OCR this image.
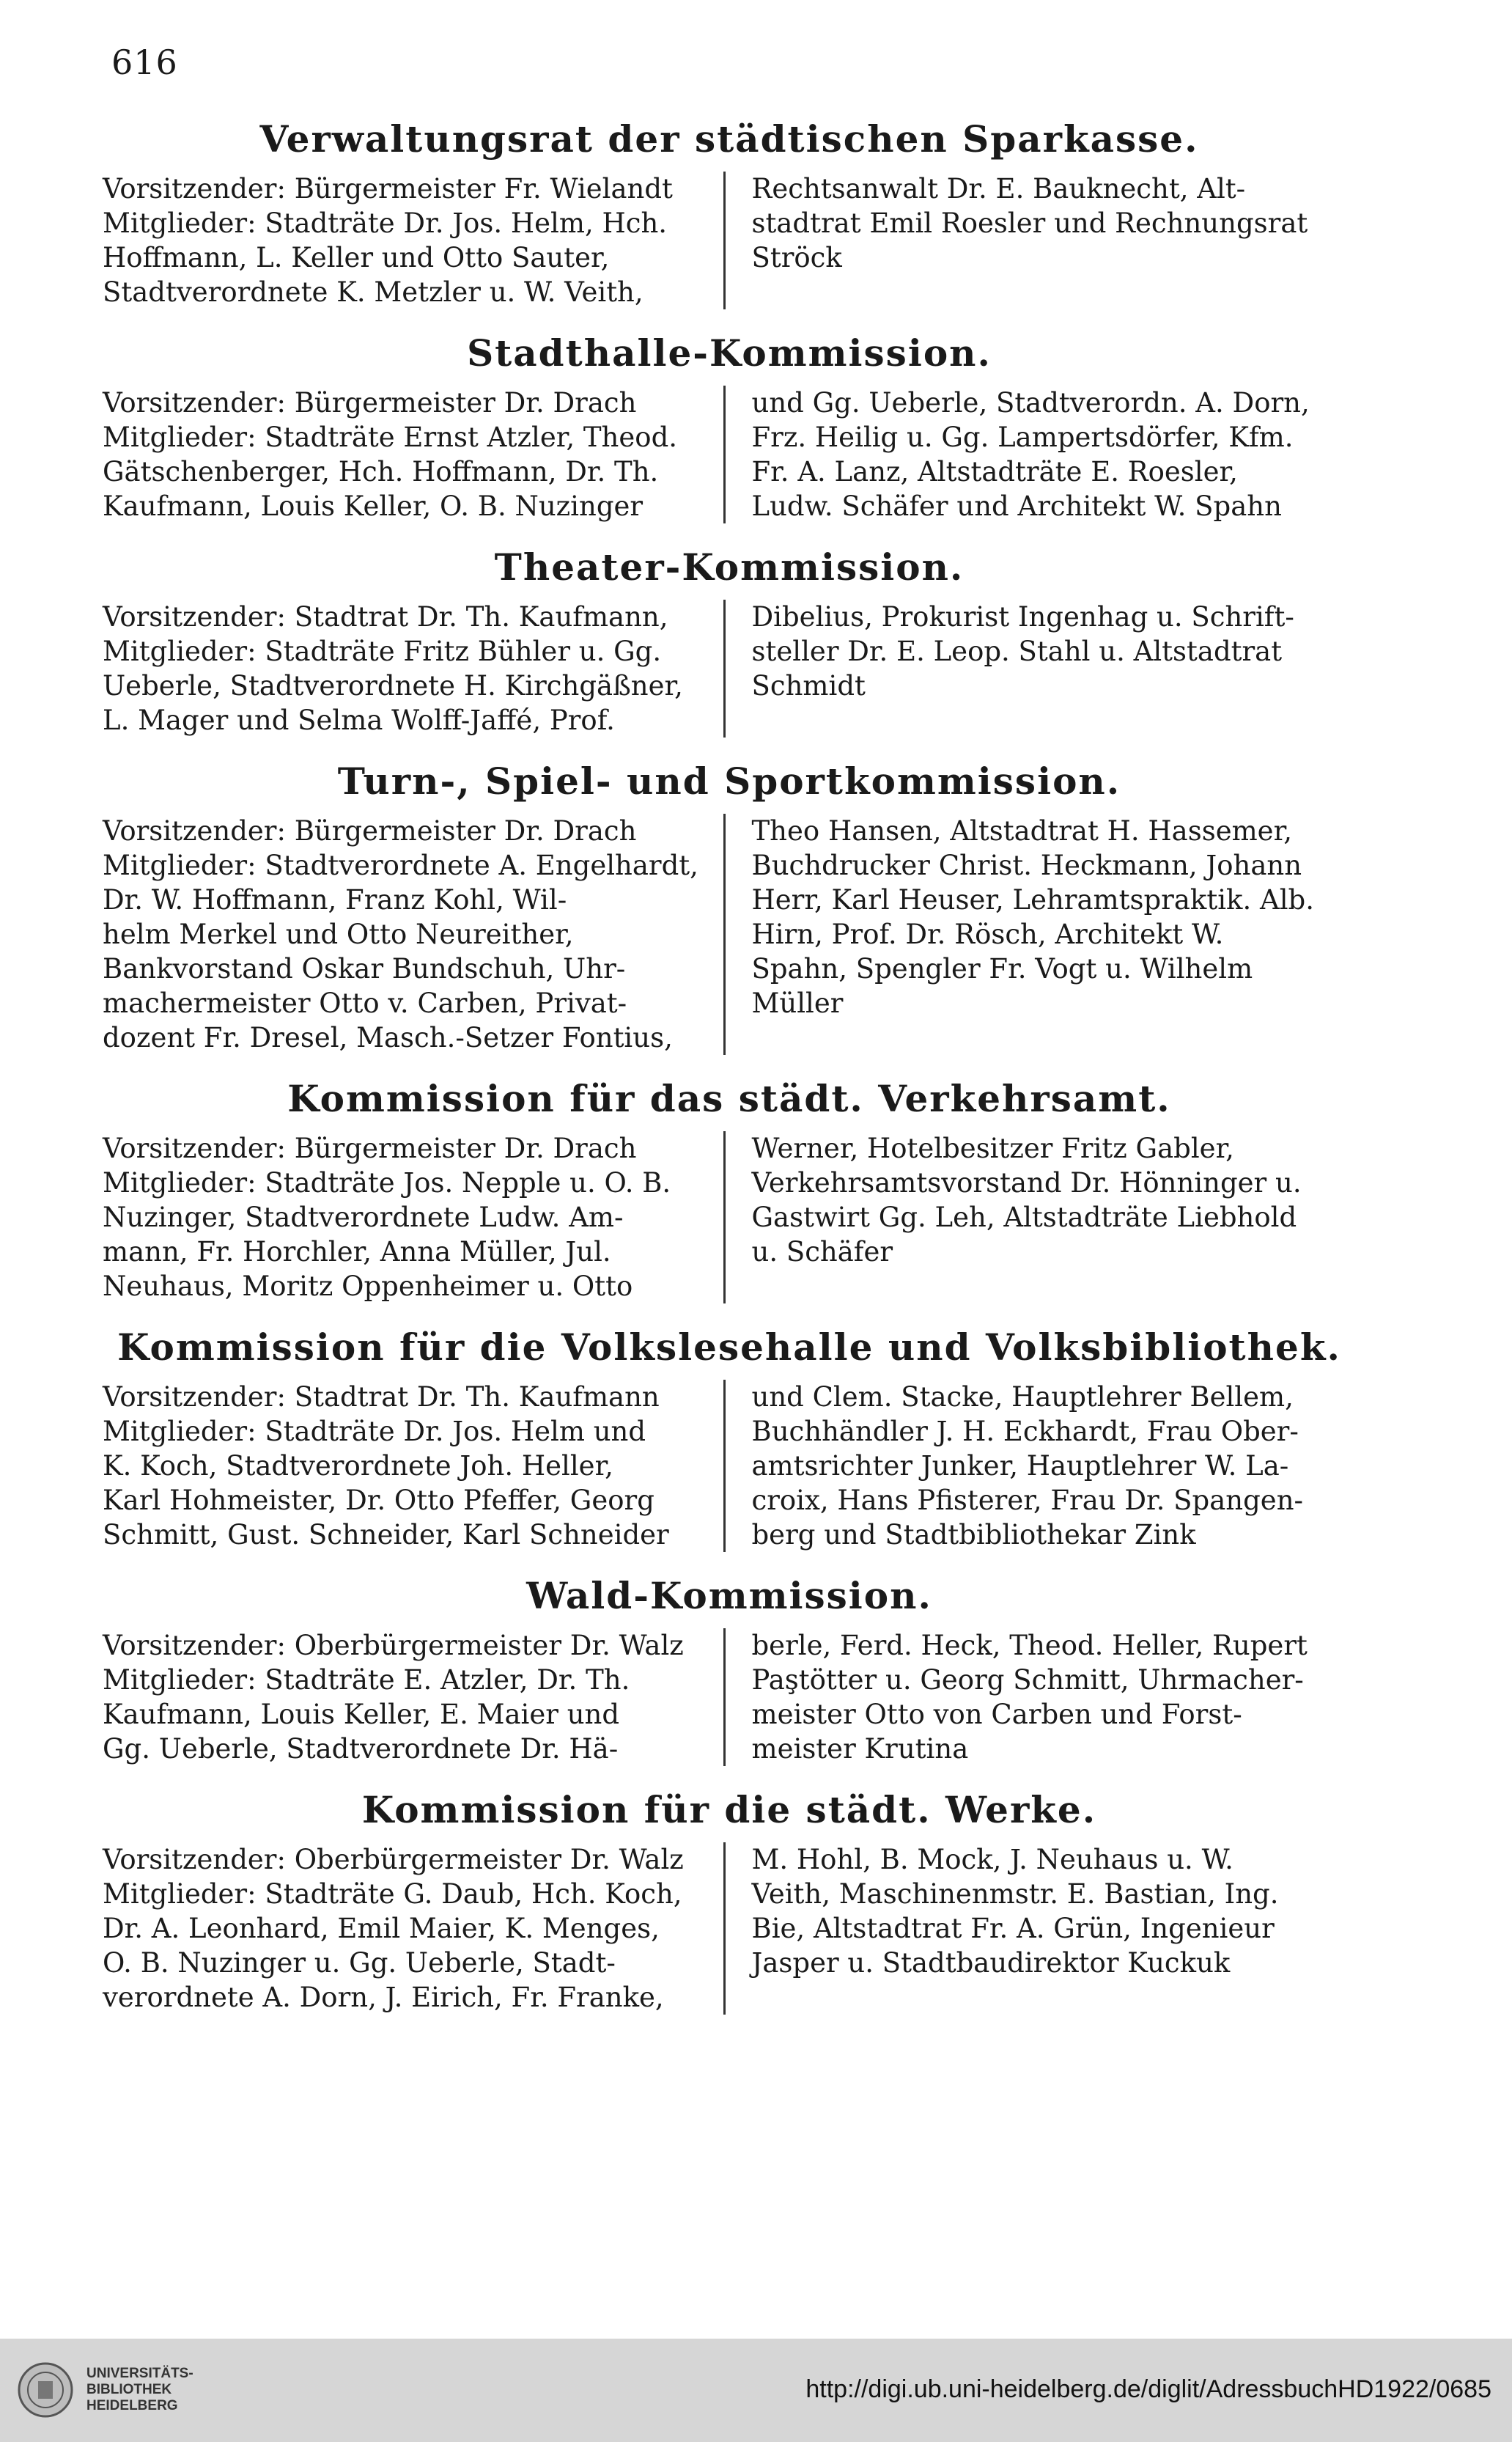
616
Verwaltungsrat der städtischen Sparkasse.
Vorsitzender: Bürgermeister Fr. Wielandt
Mitglieder: Stadträte Dr. Jos. Helm, Hch.
Hoffmann, L. Keller und Otto Sauter,
Stadtverordnete K. Metzler u. W. Veith,
Rechtsanwalt Dr. E. Bauknecht, Alt-
stadtrat Emil Roesler und Rechnungsrat
Ströck
Stadthalle-Kommission.
Vorsitzender: Bürgermeister Dr. Drach
Mitglieder: Stadträte Ernst Atzler, Theod.
Gätschenberger, Hch. Hoffmann, Dr. Th.
Kaufmann, Louis Keller, O. B. Nuzinger
und Gg. Ueberle, Stadtverordn. A. Dorn,
Frz. Heilig u. Gg. Lampertsdörfer, Kfm.
Fr. A. Lanz, Altstadträte E. Roesler,
Ludw. Schäfer und Architekt W. Spahn
Theater-Kommission.
Vorsitzender: Stadtrat Dr. Th. Kaufmann,
Mitglieder: Stadträte Fritz Bühler u. Gg.
Ueberle, Stadtverordnete H. Kirchgäßner,
L. Mager und Selma Wolff-Jaffé, Prof.
Dibelius, Prokurist Ingenhag u. Schrift-
steller Dr. E. Leop. Stahl u. Altstadtrat
Schmidt
Turn-, Spiel- und Sportkommission.
Vorsitzender: Bürgermeister Dr. Drach
Mitglieder: Stadtverordnete A. Engelhardt,
Dr. W. Hoffmann, Franz Kohl, Wil-
helm Merkel und Otto Neureither,
Bankvorstand Oskar Bundschuh, Uhr-
machermeister Otto v. Carben, Privat-
dozent Fr. Dresel, Masch.-Setzer Fontius,
Theo Hansen, Altstadtrat H. Hassemer,
Buchdrucker Christ. Heckmann, Johann
Herr, Karl Heuser, Lehramtspraktik. Alb.
Hirn, Prof. Dr. Rösch, Architekt W.
Spahn, Spengler Fr. Vogt u. Wilhelm
Müller
Kommission für das städt. Verkehrsamt.
Vorsitzender: Bürgermeister Dr. Drach
Mitglieder: Stadträte Jos. Nepple u. O. B.
Nuzinger, Stadtverordnete Ludw. Am-
mann, Fr. Horchler, Anna Müller, Jul.
Neuhaus, Moritz Oppenheimer u. Otto
Werner, Hotelbesitzer Fritz Gabler,
Verkehrsamtsvorstand Dr. Hönninger u.
Gastwirt Gg. Leh, Altstadträte Liebhold
u. Schäfer
Kommission für die Volkslesehalle und Volksbibliothek.
Vorsitzender: Stadtrat Dr. Th. Kaufmann
Mitglieder: Stadträte Dr. Jos. Helm und
K. Koch, Stadtverordnete Joh. Heller,
Karl Hohmeister, Dr. Otto Pfeffer, Georg
Schmitt, Gust. Schneider, Karl Schneider
und Clem. Stacke, Hauptlehrer Bellem,
Buchhändler J. H. Eckhardt, Frau Ober-
amtsrichter Junker, Hauptlehrer W. La-
croix, Hans Pfisterer, Frau Dr. Spangen-
berg und Stadtbibliothekar Zink
Wald-Kommission.
Vorsitzender: Oberbürgermeister Dr. Walz
Mitglieder: Stadträte E. Atzler, Dr. Th.
Kaufmann, Louis Keller, E. Maier und
Gg. Ueberle, Stadtverordnete Dr. Hä-
berle, Ferd. Heck, Theod. Heller, Rupert
Paştötter u. Georg Schmitt, Uhrmacher-
meister Otto von Carben und Forst-
meister Krutina
Kommission für die städt. Werke.
Vorsitzender: Oberbürgermeister Dr. Walz
Mitglieder: Stadträte G. Daub, Hch. Koch,
Dr. A. Leonhard, Emil Maier, K. Menges,
O. B. Nuzinger u. Gg. Ueberle, Stadt-
verordnete A. Dorn, J. Eirich, Fr. Franke,
M. Hohl, B. Mock, J. Neuhaus u. W.
Veith, Maschinenmstr. E. Bastian, Ing.
Bie, Altstadtrat Fr. A. Grün, Ingenieur
Jasper u. Stadtbaudirektor Kuckuk
UNIVERSITÄTS-
BIBLIOTHEK
HEIDELBERG
http://digi.ub.uni-heidelberg.de/diglit/AdressbuchHD1922/0685
